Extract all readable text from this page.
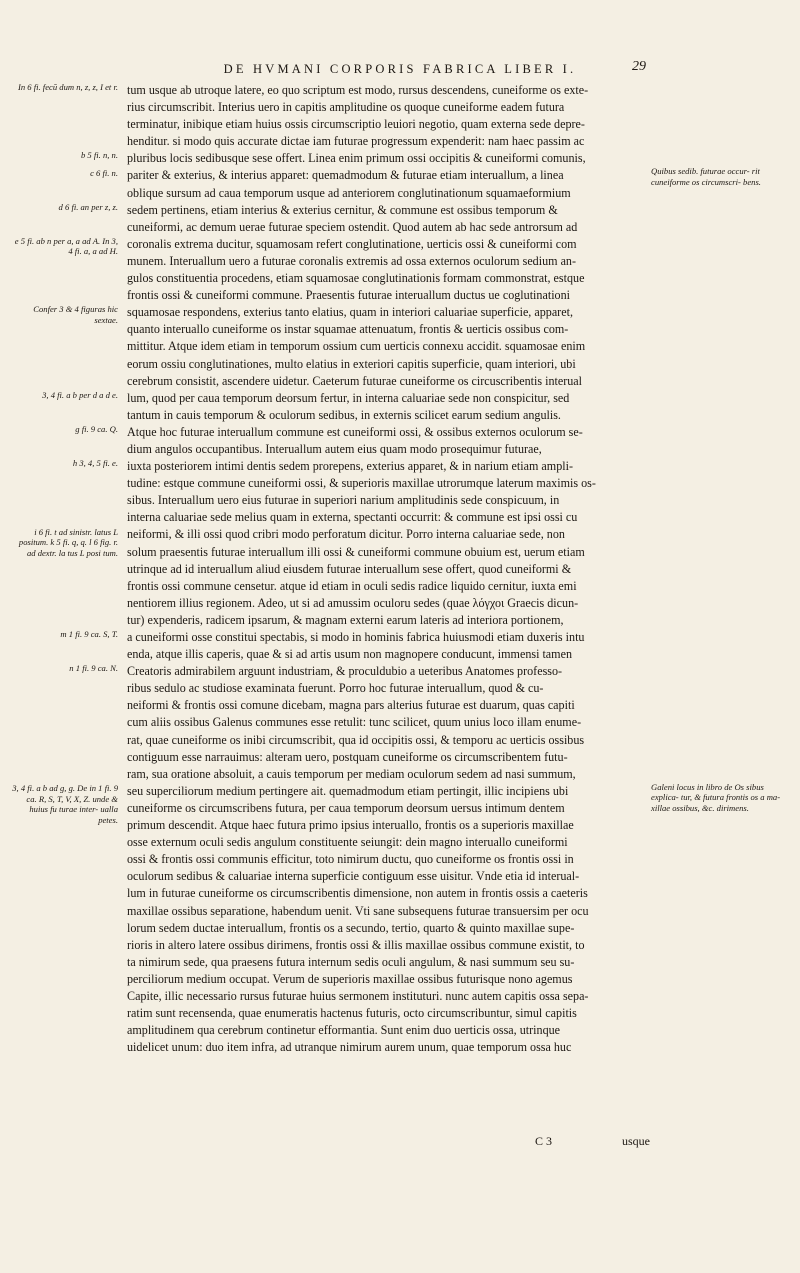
DE HVMANI CORPORIS FABRICA LIBER I.	29
In 6 fi. fecū dum n, z, z, I et r.
b 5 fi. n, n.
c 6 fi. n.
d 6 fi. an per z, z.
e 5 fi. ab n per a, a ad A. In 3, 4 fi. a, a ad H.
Confer 3 & 4 figuras hic sextae.
3, 4 fi. a b per d a d e.
g fi. 9 ca. Q.
h 3, 4, 5 fi. e.
i 6 fi. t ad sinistr. latus L positum. k 5 fi. q, q. l 6 fig. r. ad dextr. la tus L posi tum.
m 1 fi. 9 ca. S, T.
n 1 fi. 9 ca. N.
3, 4 fi. a b ad g, g. De in 1 fi. 9 ca. R, S, T, V, X, Z. unde & huius fu turae inter- ualla petes.
tum usque ab utroque latere, eo quo scriptum est modo, rursus descendens, cuneiforme os exte-
rius circumscribit. Interius uero in capitis amplitudine os quoque cuneiforme eadem futura
terminatur, inibique etiam huius ossis circumscriptio leuiori negotio, quam externa sede depre-
henditur. si modo quis accurate dictae iam futurae progressum expenderit: nam haec passim ac
pluribus locis sedibusque sese offert. Linea enim primum ossi occipitis & cuneiformi comunis,
pariter & exterius, & interius apparet: quemadmodum & futurae etiam interuallum, a linea
oblique sursum ad caua temporum usque ad anteriorem conglutinationum squamaeformium
sedem pertinens, etiam interius & exterius cernitur, & commune est ossibus temporum &
cuneiformi, ac demum uerae futurae speciem ostendit. Quod autem ab hac sede antrorsum ad
coronalis extrema ducitur, squamosam refert conglutinatione, uerticis ossi & cuneiformi com
munem. Interuallum uero a futurae coronalis extremis ad ossa externos oculorum sedium an-
gulos constituentia procedens, etiam squamosae conglutinationis formam commonstrat, estque
frontis ossi & cuneiformi commune. Praesentis futurae interuallum ductus ue coglutinationi
squamosae respondens, exterius tanto elatius, quam in interiori caluariae superficie, apparet,
quanto interuallo cuneiforme os instar squamae attenuatum, frontis & uerticis ossibus com-
mittitur. Atque idem etiam in temporum ossium cum uerticis connexu accidit. squamosae enim
eorum ossiu conglutinationes, multo elatius in exteriori capitis superficie, quam interiori, ubi
cerebrum consistit, ascendere uidetur. Caeterum futurae cuneiforme os circuscribentis interual
lum, quod per caua temporum deorsum fertur, in interna caluariae sede non conspicitur, sed
tantum in cauis temporum & oculorum sedibus, in externis scilicet earum sedium angulis.
Atque hoc futurae interuallum commune est cuneiformi ossi, & ossibus externos oculorum se-
dium angulos occupantibus. Interuallum autem eius quam modo prosequimur futurae,
iuxta posteriorem intimi dentis sedem prorepens, exterius apparet, & in narium etiam ampli-
tudine: estque commune cuneiformi ossi, & superioris maxillae utrorumque laterum maximis os-
sibus. Interuallum uero eius futurae in superiori narium amplitudinis sede conspicuum, in
interna caluariae sede melius quam in externa, spectanti occurrit: & commune est ipsi ossi cu
neiformi, & illi ossi quod cribri modo perforatum dicitur. Porro interna caluariae sede, non
solum praesentis futurae interuallum illi ossi & cuneiformi commune obuium est, uerum etiam
utrinque ad id interuallum aliud eiusdem futurae interuallum sese offert, quod cuneiformi &
frontis ossi commune censetur. atque id etiam in oculi sedis radice liquido cernitur, iuxta emi
nentiorem illius regionem. Adeo, ut si ad amussim oculoru sedes (quae λόγχοι Graecis dicun-
tur) expenderis, radicem ipsarum, & magnam externi earum lateris ad interiora portionem,
a cuneiformi osse constitui spectabis, si modo in hominis fabrica huiusmodi etiam duxeris intu
enda, atque illis caperis, quae & si ad artis usum non magnopere conducunt, immensi tamen
Creatoris admirabilem arguunt industriam, & proculdubio a ueteribus Anatomes professo-
ribus sedulo ac studiose examinata fuerunt. Porro hoc futurae interuallum, quod & cu-
neiformi & frontis ossi comune dicebam, magna pars alterius futurae est duarum, quas capiti
cum aliis ossibus Galenus communes esse retulit: tunc scilicet, quum unius loco illam enume-
rat, quae cuneiforme os inibi circumscribit, qua id occipitis ossi, & temporu ac uerticis ossibus
contiguum esse narrauimus: alteram uero, postquam cuneiforme os circumscribentem futu-
ram, sua oratione absoluit, a cauis temporum per mediam oculorum sedem ad nasi summum,
seu superciliorum medium pertingere ait. quemadmodum etiam pertingit, illic incipiens ubi
cuneiforme os circumscribens futura, per caua temporum deorsum uersus intimum dentem
primum descendit. Atque haec futura primo ipsius interuallo, frontis os a superioris maxillae
osse externum oculi sedis angulum constituente seiungit: dein magno interuallo cuneiformi
ossi & frontis ossi communis efficitur, toto nimirum ductu, quo cuneiforme os frontis ossi in
oculorum sedibus & caluariae interna superficie contiguum esse uisitur. Vnde etia id interual-
lum in futurae cuneiforme os circumscribentis dimensione, non autem in frontis ossis a caeteris
maxillae ossibus separatione, habendum uenit. Vti sane subsequens futurae transuersim per ocu
lorum sedem ductae interuallum, frontis os a secundo, tertio, quarto & quinto maxillae supe-
rioris in altero latere ossibus dirimens, frontis ossi & illis maxillae ossibus commune existit, to
ta nimirum sede, qua praesens futura internum sedis oculi angulum, & nasi summum seu su-
perciliorum medium occupat. Verum de superioris maxillae ossibus futurisque nono agemus
Capite, illic necessario rursus futurae huius sermonem instituturi. nunc autem capitis ossa sepa-
ratim sunt recensenda, quae enumeratis hactenus futuris, octo circumscribuntur, simul capitis
amplitudinem qua cerebrum continetur efformantia. Sunt enim duo uerticis ossa, utrinque
uidelicet unum: duo item infra, ad utranque nimirum aurem unum, quae temporum ossa huc
Quibus sedib. futurae occur- rit cuneiforme os circumscri- bens.
Galeni locus in libro de Os sibus explica- tur, & futura frontis os a ma- xillae ossibus, &c. dirimens.
C 3	usque
